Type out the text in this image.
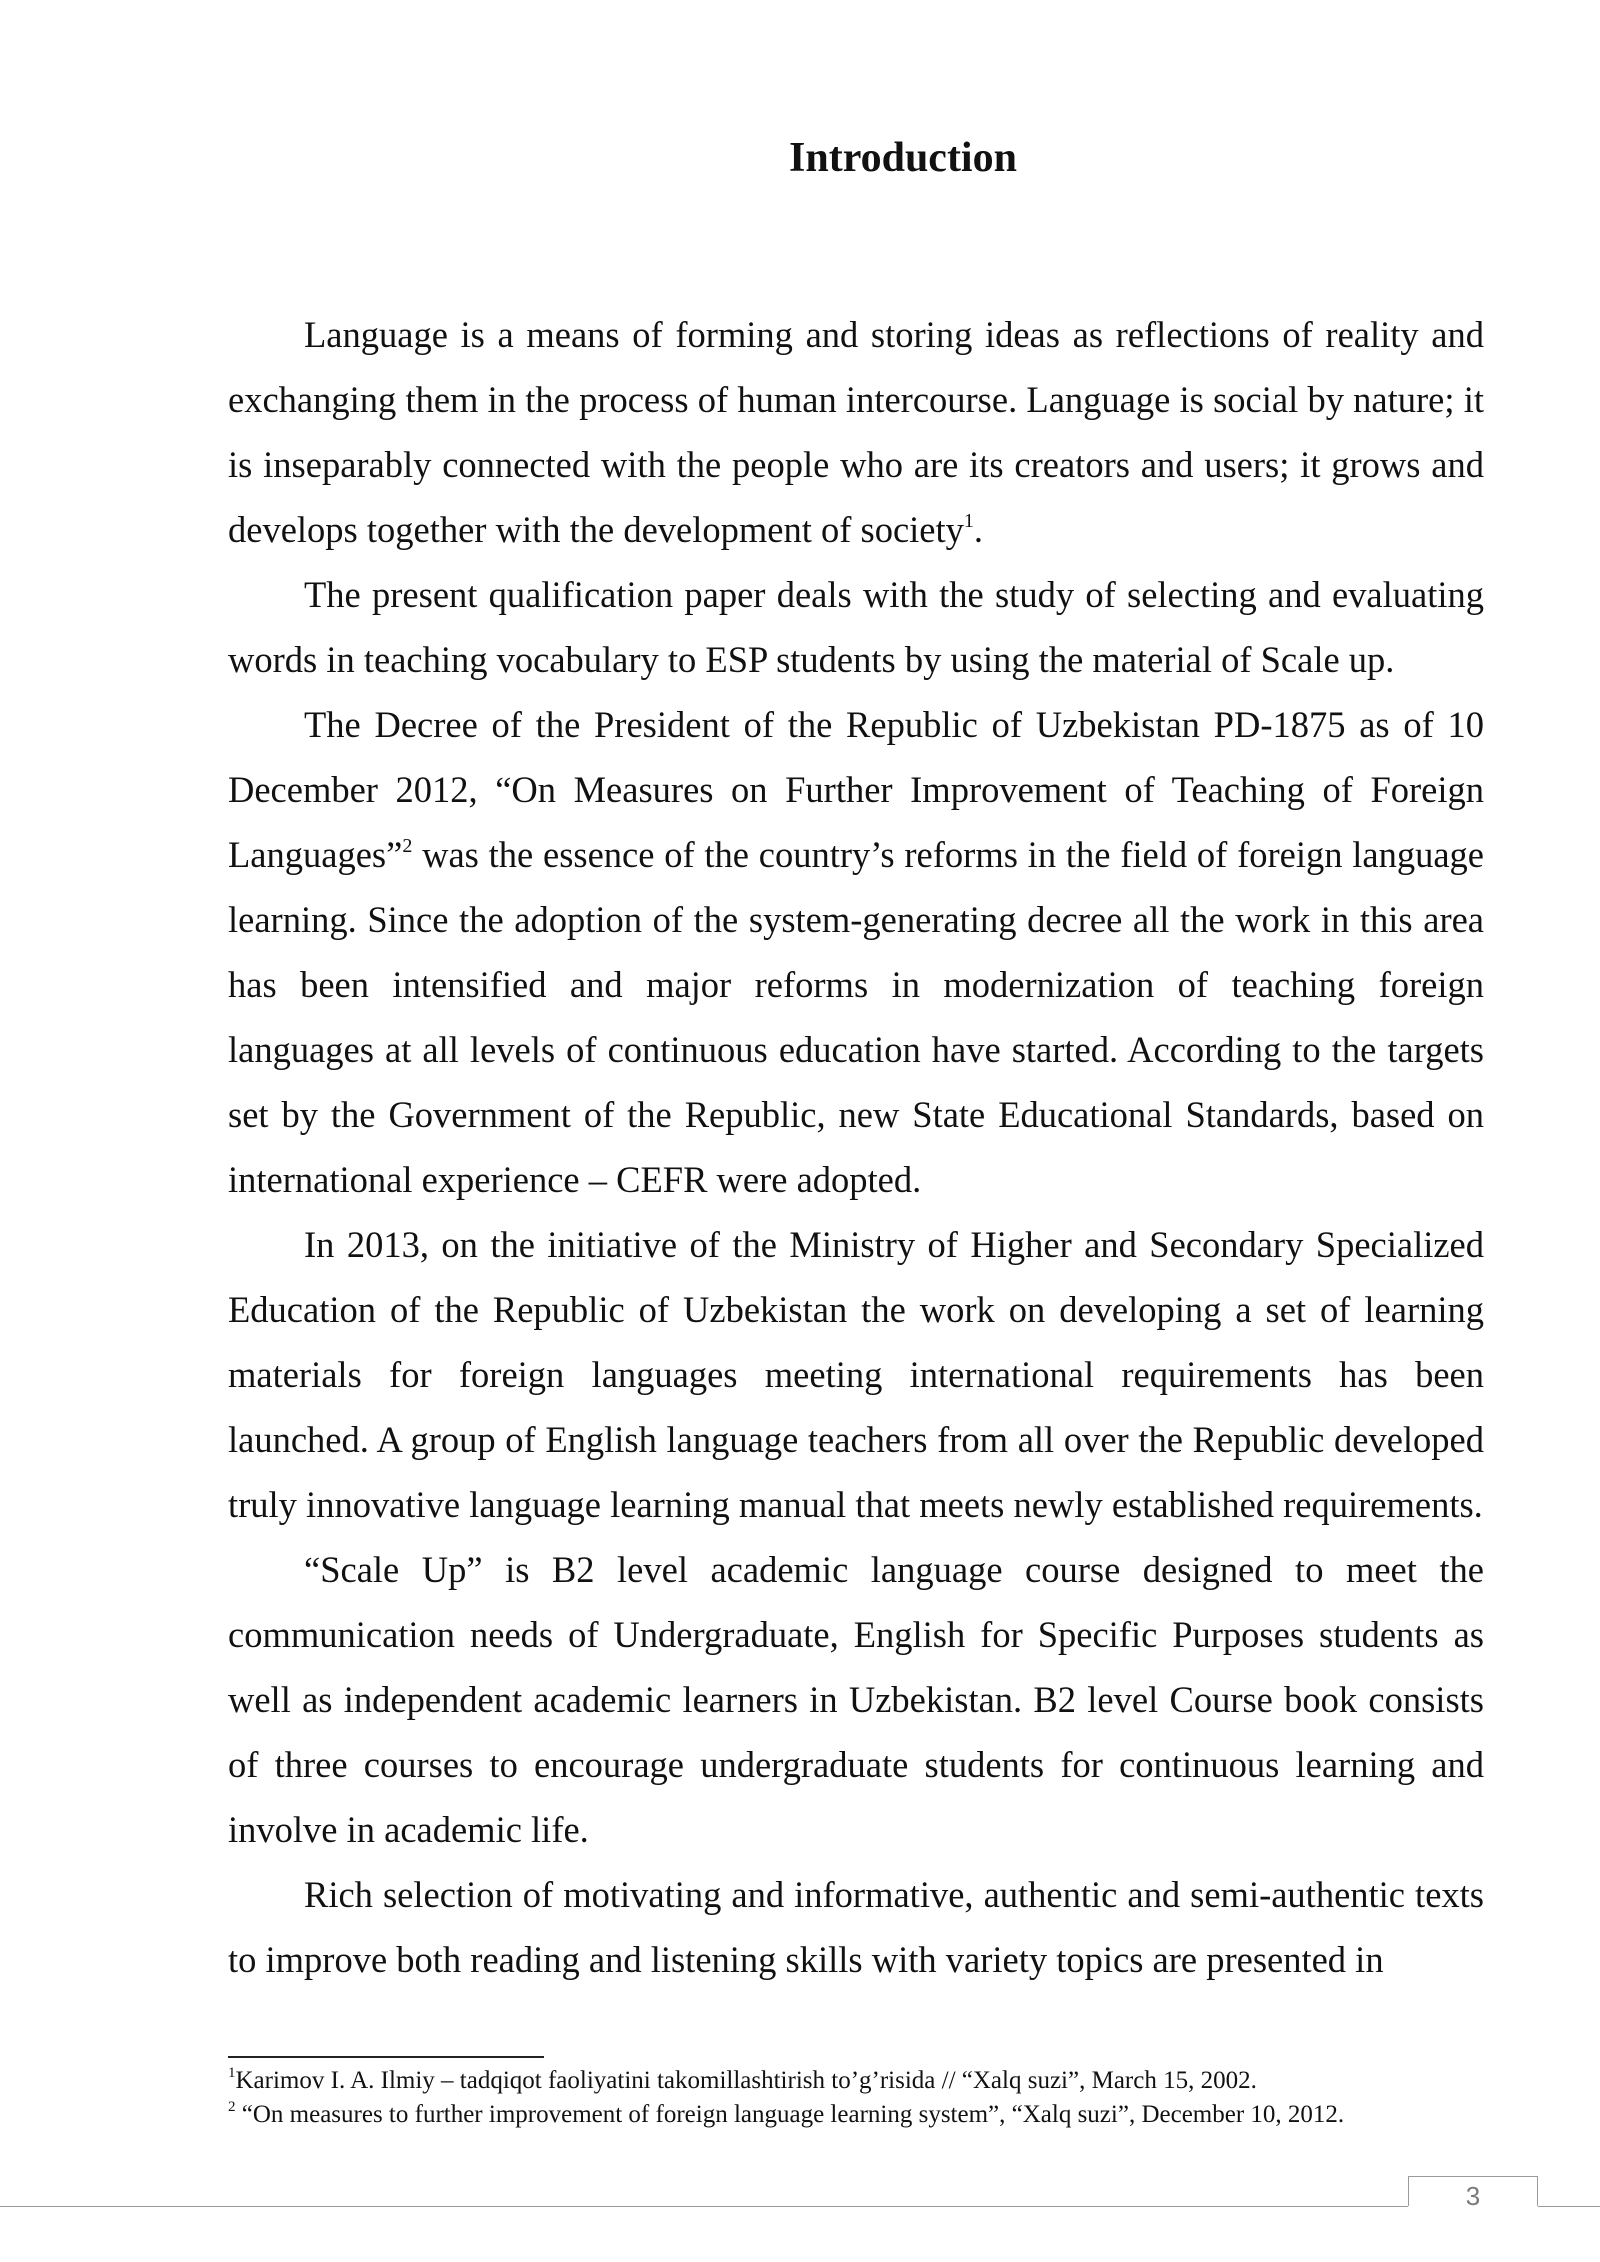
Introduction

Language is a means of forming and storing ideas as reflections of reality and exchanging them in the process of human intercourse. Language is social by nature; it is inseparably connected with the people who are its creators and users; it grows and develops together with the development of society$^1$.

The present qualification paper deals with the study of selecting and evaluating words in teaching vocabulary to ESP students by using the material of Scale up.

The Decree of the President of the Republic of Uzbekistan PD-1875 as of 10 December 2012, “On Measures on Further Improvement of Teaching of Foreign Languages”$^2$ was the essence of the country’s reforms in the field of foreign language learning. Since the adoption of the system-generating decree all the work in this area has been intensified and major reforms in modernization of teaching foreign languages at all levels of continuous education have started. According to the targets set by the Government of the Republic, new State Educational Standards, based on international experience – CEFR were adopted.

In 2013, on the initiative of the Ministry of Higher and Secondary Specialized Education of the Republic of Uzbekistan the work on developing a set of learning materials for foreign languages meeting international requirements has been launched. A group of English language teachers from all over the Republic developed truly innovative language learning manual that meets newly established requirements.

“Scale Up” is B2 level academic language course designed to meet the communication needs of Undergraduate, English for Specific Purposes students as well as independent academic learners in Uzbekistan. B2 level Course book consists of three courses to encourage undergraduate students for continuous learning and involve in academic life.

Rich selection of motivating and informative, authentic and semi-authentic texts to improve both reading and listening skills with variety topics are presented in

$^1$Karimov I. A. Ilmiy – tadqiqot faoliyatini takomillashtirish to’g’risida // “Xalq suzi”, March 15, 2002.

$^2$ “On measures to further improvement of foreign language learning system”, “Xalq suzi”, December 10, 2012.

3
